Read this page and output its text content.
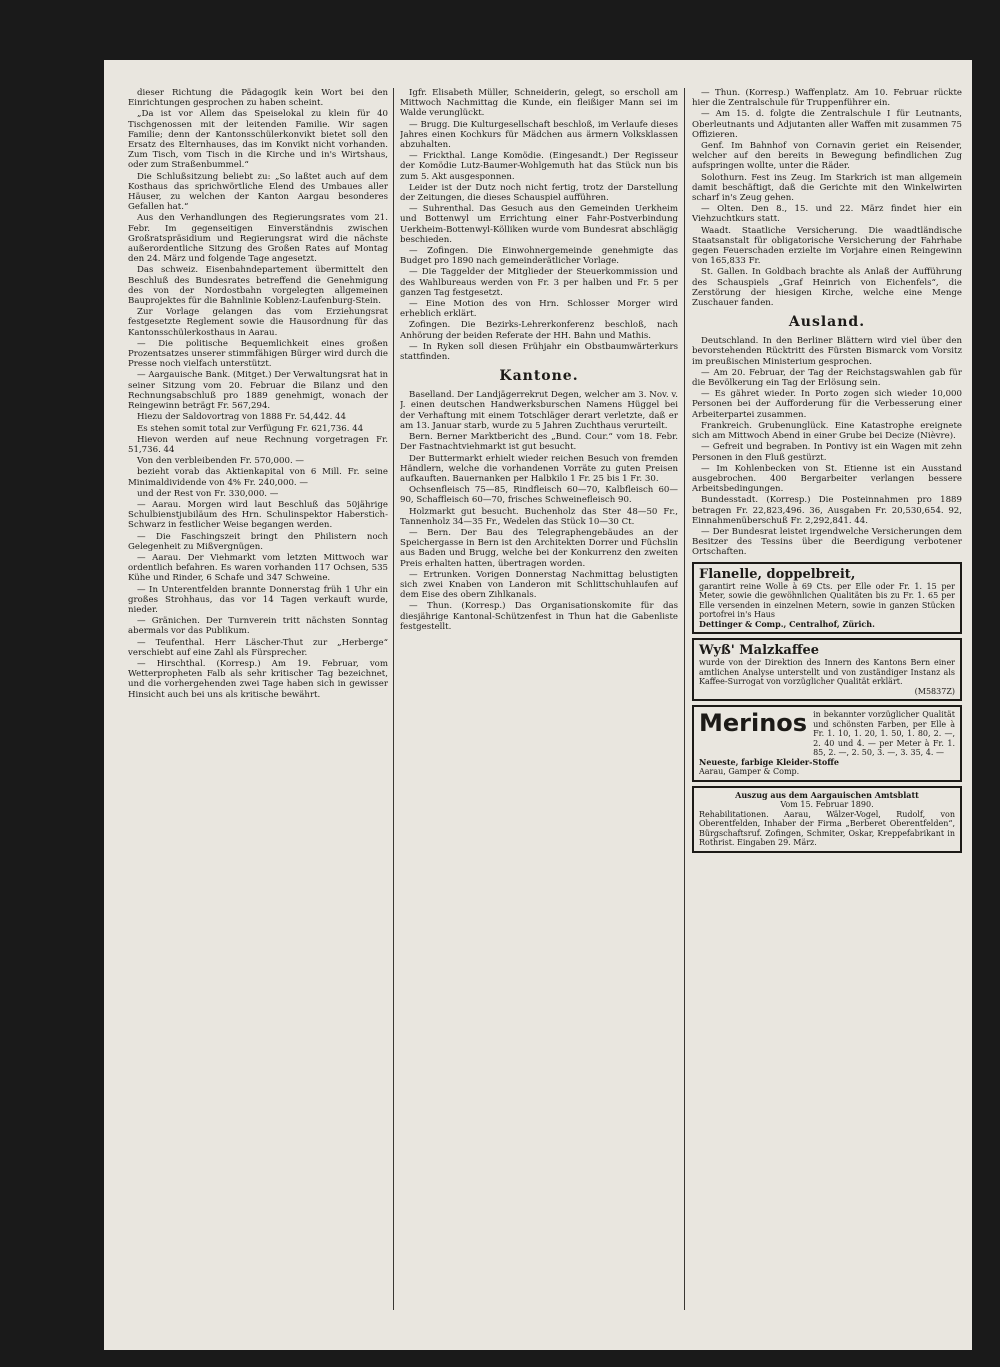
dieser Richtung die Pädagogik kein Wort bei den Einrichtungen gesprochen zu haben scheint.

„Da ist vor Allem das Speiselokal zu klein für 40 Tischgenossen mit der leitenden Familie. Wir sagen Familie; denn der Kantonsschülerkonvikt bietet soll den Ersatz des Elternhauses, das im Konvikt nicht vorhanden. Zum Tisch, vom Tisch in die Kirche und in's Wirtshaus, oder zum Straßenbummel.“

Die Schlußsitzung beliebt zu: „So laßtet auch auf dem Kosthaus das sprichwörtliche Elend des Umbaues aller Häuser, zu welchen der Kanton Aargau besonderes Gefallen hat.“

Aus den Verhandlungen des Regierungsrates vom 21. Febr. Im gegenseitigen Einverständnis zwischen Großratspräsidium und Regierungsrat wird die nächste außerordentliche Sitzung des Großen Rates auf Montag den 24. März und folgende Tage angesetzt.

Das schweiz. Eisenbahndepartement übermittelt den Beschluß des Bundesrates betreffend die Genehmigung des von der Nordostbahn vorgelegten allgemeinen Bauprojektes für die Bahnlinie Koblenz-Laufenburg-Stein.

Zur Vorlage gelangen das vom Erziehungsrat festgesetzte Reglement sowie die Hausordnung für das Kantonsschülerkosthaus in Aarau.

— Die politische Bequemlichkeit eines großen Prozentsatzes unserer stimmfähigen Bürger wird durch die Presse noch vielfach unterstützt.

— Aargauische Bank. (Mitget.) Der Verwaltungsrat hat in seiner Sitzung vom 20. Februar die Bilanz und den Rechnungsabschluß pro 1889 genehmigt, wonach der Reingewinn beträgt Fr. 567,294.

Hiezu der Saldovortrag von 1888 Fr. 54,442. 44

Es stehen somit total zur Verfügung Fr. 621,736. 44

Hievon werden auf neue Rechnung vorgetragen Fr. 51,736. 44

Von den verbleibenden Fr. 570,000. —

bezieht vorab das Aktienkapital von 6 Mill. Fr. seine Minimaldividende von 4% Fr. 240,000. —

und der Rest von Fr. 330,000. —

— Aarau. Morgen wird laut Beschluß das 50jährige Schulbienstjubiläum des Hrn. Schulinspektor Haberstich-Schwarz in festlicher Weise begangen werden.

— Die Faschingszeit bringt den Philistern noch Gelegenheit zu Mißvergnügen.

— Aarau. Der Viehmarkt vom letzten Mittwoch war ordentlich befahren. Es waren vorhanden 117 Ochsen, 535 Kühe und Rinder, 6 Schafe und 347 Schweine.

— In Unterentfelden brannte Donnerstag früh 1 Uhr ein großes Strohhaus, das vor 14 Tagen verkauft wurde, nieder.

— Gränichen. Der Turnverein tritt nächsten Sonntag abermals vor das Publikum.

— Teufenthal. Herr Läscher-Thut zur „Herberge“ verschiebt auf eine Zahl als Fürsprecher.

— Hirschthal. (Korresp.) Am 19. Februar, vom Wetterpropheten Falb als sehr kritischer Tag bezeichnet, und die vorhergehenden zwei Tage haben sich in gewisser Hinsicht auch bei uns als kritische bewährt.

Igfr. Elisabeth Müller, Schneiderin, gelegt, so erscholl am Mittwoch Nachmittag die Kunde, ein fleißiger Mann sei im Walde verunglückt.

— Brugg. Die Kulturgesellschaft beschloß, im Verlaufe dieses Jahres einen Kochkurs für Mädchen aus ärmern Volksklassen abzuhalten.

— Frickthal. Lange Komödie. (Eingesandt.) Der Regisseur der Komödie Lutz-Baumer-Wohlgemuth hat das Stück nun bis zum 5. Akt ausgesponnen.

Leider ist der Dutz noch nicht fertig, trotz der Darstellung der Zeitungen, die dieses Schauspiel aufführen.

— Suhrenthal. Das Gesuch aus den Gemeinden Uerkheim und Bottenwyl um Errichtung einer Fahr-Postverbindung Uerkheim-Bottenwyl-Kölliken wurde vom Bundesrat abschlägig beschieden.

— Zofingen. Die Einwohnergemeinde genehmigte das Budget pro 1890 nach gemeinderätlicher Vorlage.

— Die Taggelder der Mitglieder der Steuerkommission und des Wahlbureaus werden von Fr. 3 per halben und Fr. 5 per ganzen Tag festgesetzt.

— Eine Motion des von Hrn. Schlosser Morger wird erheblich erklärt.

Zofingen. Die Bezirks-Lehrerkonferenz beschloß, nach Anhörung der beiden Referate der HH. Bahn und Mathis.

— In Ryken soll diesen Frühjahr ein Obstbaumwärterkurs stattfinden.

Kantone.

Baselland. Der Landjägerrekrut Degen, welcher am 3. Nov. v. J. einen deutschen Handwerksburschen Namens Hüggel bei der Verhaftung mit einem Totschläger derart verletzte, daß er am 13. Januar starb, wurde zu 5 Jahren Zuchthaus verurteilt.

Bern. Berner Marktbericht des „Bund. Cour.“ vom 18. Febr. Der Fastnachtviehmarkt ist gut besucht.

Der Buttermarkt erhielt wieder reichen Besuch von fremden Händlern, welche die vorhandenen Vorräte zu guten Preisen aufkauften. Bauernanken per Halbkilo 1 Fr. 25 bis 1 Fr. 30.

Ochsenfleisch 75—85, Rindfleisch 60—70, Kalbfleisch 60—90, Schaffleisch 60—70, frisches Schweinefleisch 90.

Holzmarkt gut besucht. Buchenholz das Ster 48—50 Fr., Tannenholz 34—35 Fr., Wedelen das Stück 10—30 Ct.

— Bern. Der Bau des Telegraphengebäudes an der Speichergasse in Bern ist den Architekten Dorrer und Füchslin aus Baden und Brugg, welche bei der Konkurrenz den zweiten Preis erhalten hatten, übertragen worden.

— Ertrunken. Vorigen Donnerstag Nachmittag belustigten sich zwei Knaben von Landeron mit Schlittschuhlaufen auf dem Eise des obern Zihlkanals.

— Thun. (Korresp.) Das Organisationskomite für das diesjährige Kantonal-Schützenfest in Thun hat die Gabenliste festgestellt.

— Thun. (Korresp.) Waffenplatz. Am 10. Februar rückte hier die Zentralschule für Truppenführer ein.

— Am 15. d. folgte die Zentralschule I für Leutnants, Oberleutnants und Adjutanten aller Waffen mit zusammen 75 Offizieren.

Genf. Im Bahnhof von Cornavin geriet ein Reisender, welcher auf den bereits in Bewegung befindlichen Zug aufspringen wollte, unter die Räder.

Solothurn. Fest ins Zeug. Im Starkrich ist man allgemein damit beschäftigt, daß die Gerichte mit den Winkelwirten scharf in's Zeug gehen.

— Olten. Den 8., 15. und 22. März findet hier ein Viehzuchtkurs statt.

Waadt. Staatliche Versicherung. Die waadtländische Staatsanstalt für obligatorische Versicherung der Fahrhabe gegen Feuerschaden erzielte im Vorjahre einen Reingewinn von 165,833 Fr.

St. Gallen. In Goldbach brachte als Anlaß der Aufführung des Schauspiels „Graf Heinrich von Eichenfels“, die Zerstörung der hiesigen Kirche, welche eine Menge Zuschauer fanden.

Ausland.

Deutschland. In den Berliner Blättern wird viel über den bevorstehenden Rücktritt des Fürsten Bismarck vom Vorsitz im preußischen Ministerium gesprochen.

— Am 20. Februar, der Tag der Reichstagswahlen gab für die Bevölkerung ein Tag der Erlösung sein.

— Es gähret wieder. In Porto zogen sich wieder 10,000 Personen bei der Aufforderung für die Verbesserung einer Arbeiterpartei zusammen.

Frankreich. Grubenunglück. Eine Katastrophe ereignete sich am Mittwoch Abend in einer Grube bei Decize (Nièvre).

— Gefreit und begraben. In Pontivy ist ein Wagen mit zehn Personen in den Fluß gestürzt.

— Im Kohlenbecken von St. Etienne ist ein Ausstand ausgebrochen. 400 Bergarbeiter verlangen bessere Arbeitsbedingungen.

Bundesstadt. (Korresp.) Die Posteinnahmen pro 1889 betragen Fr. 22,823,496. 36, Ausgaben Fr. 20,530,654. 92, Einnahmenüberschuß Fr. 2,292,841. 44.

— Der Bundesrat leistet irgendwelche Versicherungen dem Besitzer des Tessins über die Beerdigung verbotener Ortschaften.

Flanelle, doppelbreit,
garantirt reine Wolle à 69 Cts. per Elle oder Fr. 1. 15 per Meter, sowie die gewöhnlichen Qualitäten bis zu Fr. 1. 65 per Elle versenden in einzelnen Metern, sowie in ganzen Stücken portofrei in's Haus
Dettinger & Comp., Centralhof, Zürich.
Wyß' Malzkaffee
wurde von der Direktion des Innern des Kantons Bern einer amtlichen Analyse unterstellt und von zuständiger Instanz als Kaffee-Surrogat von vorzüglicher Qualität erklärt.
(M5837Z)
Merinos in bekannter vorzüglicher Qualität und schönsten Farben, per Elle à Fr. 1. 10, 1. 20, 1. 50, 1. 80, 2. —, 2. 40 und 4. — per Meter à Fr. 1. 85, 2. —, 2. 50, 3. —, 3. 35, 4. —
Neueste, farbige Kleider-Stoffe
Aarau, Gamper & Comp.
Auszug aus dem Aargauischen Amtsblatt
Vom 15. Februar 1890.
Rehabilitationen. Aarau, Wälzer-Vogel, Rudolf, von Oberentfelden, Inhaber der Firma „Berberet Oberentfelden“, Bürgschaftsruf. Zofingen, Schmiter, Oskar, Kreppefabrikant in Rothrist. Eingaben 29. März.
